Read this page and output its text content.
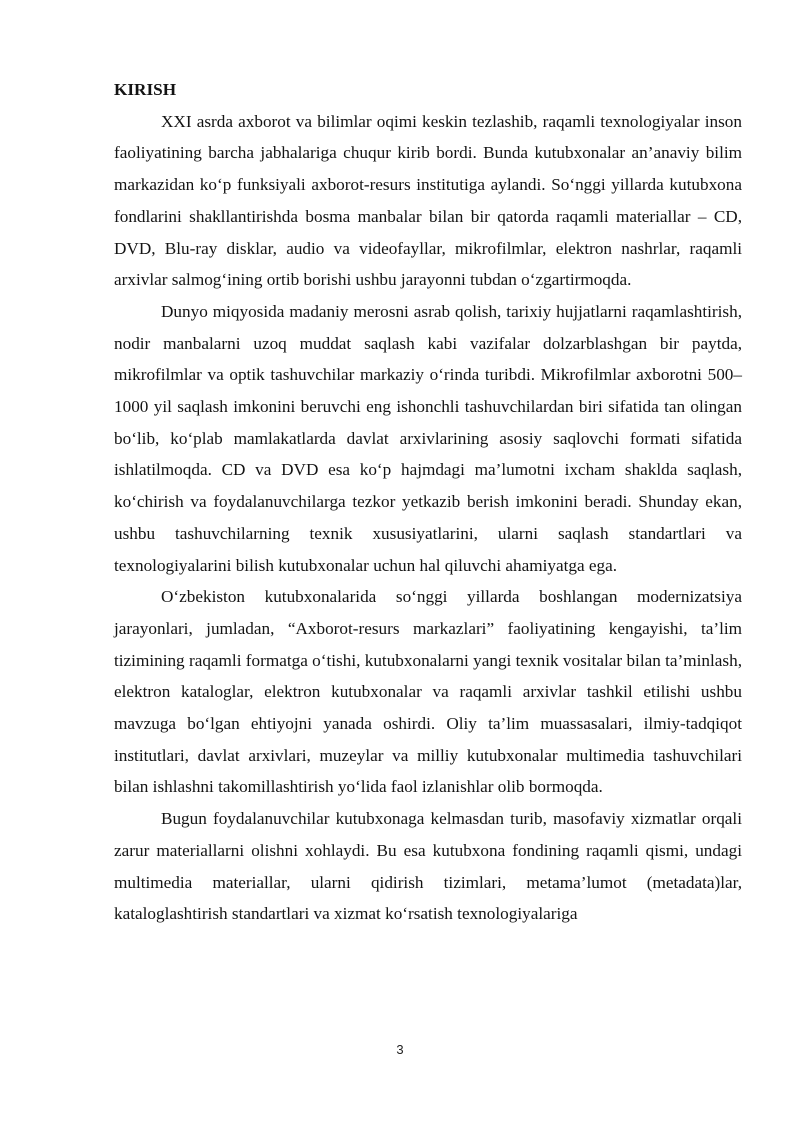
KIRISH

XXI asrda axborot va bilimlar oqimi keskin tezlashib, raqamli texnologiyalar inson faoliyatining barcha jabhalariga chuqur kirib bordi. Bunda kutubxonalar an’anaviy bilim markazidan ko‘p funksiyali axborot-resurs institutiga aylandi. So‘nggi yillarda kutubxona fondlarini shakllantirishda bosma manbalar bilan bir qatorda raqamli materiallar – CD, DVD, Blu-ray disklar, audio va videofayllar, mikrofilmlar, elektron nashrlar, raqamli arxivlar salmog‘ining ortib borishi ushbu jarayonni tubdan o‘zgartirmoqda.

Dunyo miqyosida madaniy merosni asrab qolish, tarixiy hujjatlarni raqamlashtirish, nodir manbalarni uzoq muddat saqlash kabi vazifalar dolzarblashgan bir paytda, mikrofilmlar va optik tashuvchilar markaziy o‘rinda turibdi. Mikrofilmlar axborotni 500–1000 yil saqlash imkonini beruvchi eng ishonchli tashuvchilardan biri sifatida tan olingan bo‘lib, ko‘plab mamlakatlarda davlat arxivlarining asosiy saqlovchi formati sifatida ishlatilmoqda. CD va DVD esa ko‘p hajmdagi ma’lumotni ixcham shaklda saqlash, ko‘chirish va foydalanuvchilarga tezkor yetkazib berish imkonini beradi. Shunday ekan, ushbu tashuvchilarning texnik xususiyatlarini, ularni saqlash standartlari va texnologiyalarini bilish kutubxonalar uchun hal qiluvchi ahamiyatga ega.

O‘zbekiston kutubxonalarida so‘nggi yillarda boshlangan modernizatsiya jarayonlari, jumladan, “Axborot-resurs markazlari” faoliyatining kengayishi, ta’lim tizimining raqamli formatga o‘tishi, kutubxonalarni yangi texnik vositalar bilan ta’minlash, elektron kataloglar, elektron kutubxonalar va raqamli arxivlar tashkil etilishi ushbu mavzuga bo‘lgan ehtiyojni yanada oshirdi. Oliy ta’lim muassasalari, ilmiy-tadqiqot institutlari, davlat arxivlari, muzeylar va milliy kutubxonalar multimedia tashuvchilari bilan ishlashni takomillashtirish yo‘lida faol izlanishlar olib bormoqda.

Bugun foydalanuvchilar kutubxonaga kelmasdan turib, masofaviy xizmatlar orqali zarur materiallarni olishni xohlaydi. Bu esa kutubxona fondining raqamli qismi, undagi multimedia materiallar, ularni qidirish tizimlari, metama’lumot (metadata)lar, kataloglashtirish standartlari va xizmat ko‘rsatish texnologiyalariga

3
